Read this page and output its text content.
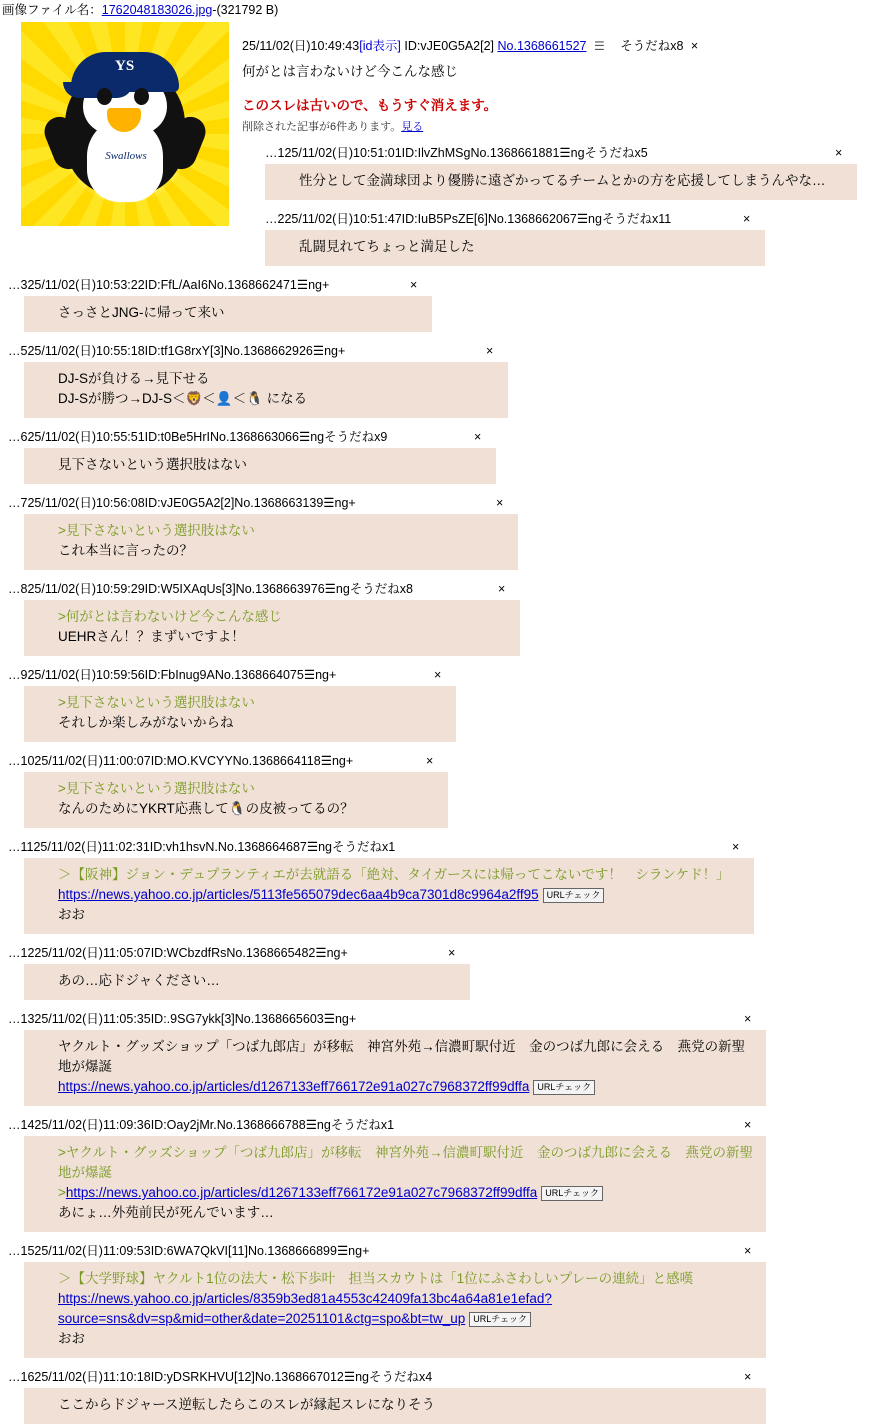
画像ファイル名：1762048183026.jpg-(321792 B)
YS
Swallows
25/11/02(日)10:49:43[id表示] ID:vJE0G5A2[2] No.1368661527 ☰ そうだねx8 ×
何がとは言わないけど今こんな感じ
このスレは古いので、もうすぐ消えます。
削除された記事が6件あります。見る
… 1 25/11/02(日)10:51:01 ID:IlvZhMSg No.1368661881 ☰ ng そうだねx5	×
性分として金満球団より優勝に遠ざかってるチームとかの方を応援してしまうんやな…
… 2 25/11/02(日)10:51:47 ID:IuB5PsZE[6] No.1368662067 ☰ ng そうだねx11	×
乱闘見れてちょっと満足した
… 3 25/11/02(日)10:53:22 ID:FfL/AaI6 No.1368662471 ☰ ng +	×
さっさとJNG-に帰って来い
… 5 25/11/02(日)10:55:18 ID:tf1G8rxY[3] No.1368662926 ☰ ng +	×
DJ-Sが負ける→見下せる
DJ-Sが勝つ→DJ-S＜🦁＜👤＜🐧 になる
… 6 25/11/02(日)10:55:51 ID:t0Be5HrI No.1368663066 ☰ ng そうだねx9	×
見下さないという選択肢はない
… 7 25/11/02(日)10:56:08 ID:vJE0G5A2[2] No.1368663139 ☰ ng +	×
>見下さないという選択肢はない
これ本当に言ったの？
… 8 25/11/02(日)10:59:29 ID:W5IXAqUs[3] No.1368663976 ☰ ng そうだねx8	×
>何がとは言わないけど今こんな感じ
UEHRさん！？まずいですよ！
… 9 25/11/02(日)10:59:56 ID:FbInug9A No.1368664075 ☰ ng +	×
>見下さないという選択肢はない
それしか楽しみがないからね
… 10 25/11/02(日)11:00:07 ID:MO.KVCYY No.1368664118 ☰ ng +	×
>見下さないという選択肢はない
なんのためにYKRT応燕して🐧の皮被ってるの？
… 11 25/11/02(日)11:02:31 ID:vh1hsvN. No.1368664687 ☰ ng そうだねx1	×
＞【阪神】ジョン・デュプランティエが去就語る「絶対、タイガースには帰ってこないです！　シランケド！」
https://news.yahoo.co.jp/articles/5113fe565079dec6aa4b9ca7301d8c9964a2ff95 URLチェック
おお
… 12 25/11/02(日)11:05:07 ID:WCbzdfRs No.1368665482 ☰ ng +	×
あの…応ドジャください…
… 13 25/11/02(日)11:05:35 ID:.9SG7ykk[3] No.1368665603 ☰ ng +	×
ヤクルト・グッズショップ「つば九郎店」が移転　神宮外苑→信濃町駅付近　金のつば九郎に会える　燕党の新聖地が爆誕
https://news.yahoo.co.jp/articles/d1267133eff766172e91a027c7968372ff99dffa URLチェック
… 14 25/11/02(日)11:09:36 ID:Oay2jMr. No.1368666788 ☰ ng そうだねx1	×
>ヤクルト・グッズショップ「つば九郎店」が移転　神宮外苑→信濃町駅付近　金のつば九郎に会える　燕党の新聖地が爆誕
>https://news.yahoo.co.jp/articles/d1267133eff766172e91a027c7968372ff99dffa URLチェック
あにょ…外苑前民が死んでいます…
… 15 25/11/02(日)11:09:53 ID:6WA7QkVI[11] No.1368666899 ☰ ng +	×
＞【大学野球】ヤクルト1位の法大・松下歩叶　担当スカウトは「1位にふさわしいプレーの連続」と感嘆
https://news.yahoo.co.jp/articles/8359b3ed81a4553c42409fa13bc4a64a81e1efad?
source=sns&dv=sp&mid=other&date=20251101&ctg=spo&bt=tw_up URLチェック
おお
… 16 25/11/02(日)11:10:18 ID:yDSRKHVU[12] No.1368667012 ☰ ng そうだねx4	×
ここからドジャース逆転したらこのスレが縁起スレになりそう
